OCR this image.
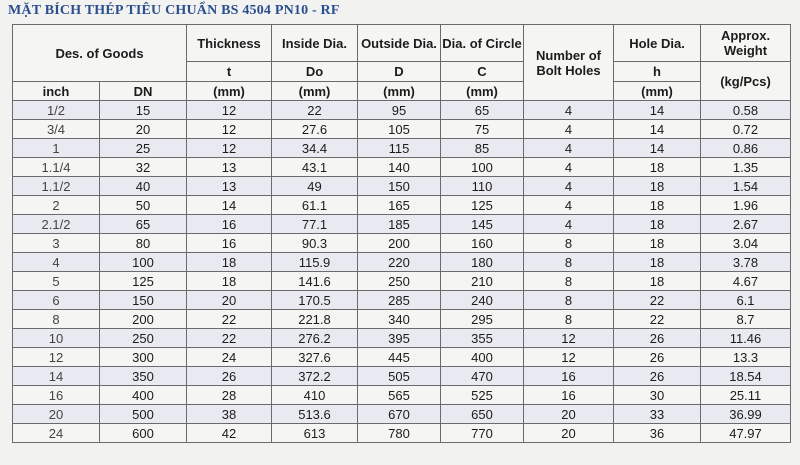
MẶT BÍCH THÉP TIÊU CHUẨN BS 4504 PN10 - RF
Des. of Goods		Thickness	Inside Dia.	Outside Dia.	Dia. of Circle	Number of Bolt Holes	Hole Dia.	Approx. Weight
		t	Do	D	C		h	(kg/Pcs)
inch	DN	(mm)	(mm)	(mm)	(mm)		(mm)	
1/2	15	12	22	95	65	4	14	0.58
3/4	20	12	27.6	105	75	4	14	0.72
1	25	12	34.4	115	85	4	14	0.86
1.1/4	32	13	43.1	140	100	4	18	1.35
1.1/2	40	13	49	150	110	4	18	1.54
2	50	14	61.1	165	125	4	18	1.96
2.1/2	65	16	77.1	185	145	4	18	2.67
3	80	16	90.3	200	160	8	18	3.04
4	100	18	115.9	220	180	8	18	3.78
5	125	18	141.6	250	210	8	18	4.67
6	150	20	170.5	285	240	8	22	6.1
8	200	22	221.8	340	295	8	22	8.7
10	250	22	276.2	395	355	12	26	11.46
12	300	24	327.6	445	400	12	26	13.3
14	350	26	372.2	505	470	16	26	18.54
16	400	28	410	565	525	16	30	25.11
20	500	38	513.6	670	650	20	33	36.99
24	600	42	613	780	770	20	36	47.97
